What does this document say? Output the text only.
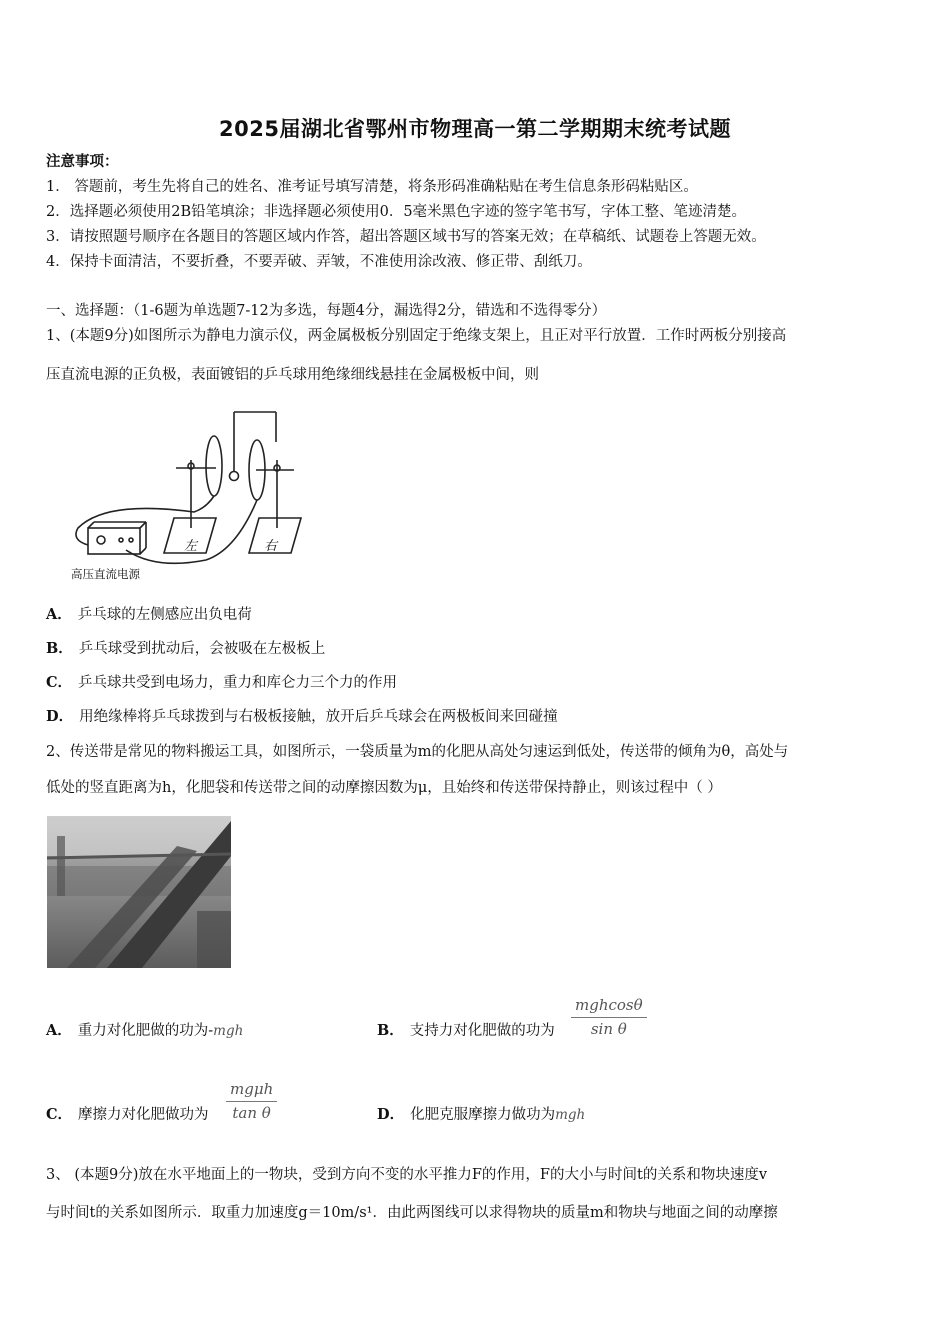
2025届湖北省鄂州市物理高一第二学期期末统考试题
注意事项：
1． 答题前，考生先将自己的姓名、准考证号填写清楚，将条形码准确粘贴在考生信息条形码粘贴区。
2．选择题必须使用2B铅笔填涂；非选择题必须使用0．5毫米黑色字迹的签字笔书写，字体工整、笔迹清楚。
3．请按照题号顺序在各题目的答题区域内作答，超出答题区域书写的答案无效；在草稿纸、试题卷上答题无效。
4．保持卡面清洁，不要折叠，不要弄破、弄皱，不准使用涂改液、修正带、刮纸刀。
一、选择题：（1-6题为单选题7-12为多选，每题4分，漏选得2分，错选和不选得零分）
1、(本题9分)如图所示为静电力演示仪，两金属极板分别固定于绝缘支架上，且正对平行放置．工作时两板分别接高
压直流电源的正负极，表面镀铝的乒乓球用绝缘细线悬挂在金属极板中间，则
左	右
高压直流电源
A． 乒乓球的左侧感应出负电荷
B． 乒乓球受到扰动后，会被吸在左极板上
C． 乒乓球共受到电场力，重力和库仑力三个力的作用
D． 用绝缘棒将乒乓球拨到与右极板接触，放开后乒乓球会在两极板间来回碰撞
2、传送带是常见的物料搬运工具，如图所示，一袋质量为m的化肥从高处匀速运到低处，传送带的倾角为θ，高处与
低处的竖直距离为h，化肥袋和传送带之间的动摩擦因数为μ，且始终和传送带保持静止，则该过程中（ ）
A． 重力对化肥做的功为-mgh	B． 支持力对化肥做的功为
mghcosθ
sin θ
C． 摩擦力对化肥做功为
mgμh
tan θ	D． 化肥克服摩擦力做功为mgh
3、 (本题9分)放在水平地面上的一物块，受到方向不变的水平推力F的作用，F的大小与时间t的关系和物块速度v
与时间t的关系如图所示．取重力加速度g＝10m/s¹．由此两图线可以求得物块的质量m和物块与地面之间的动摩擦
